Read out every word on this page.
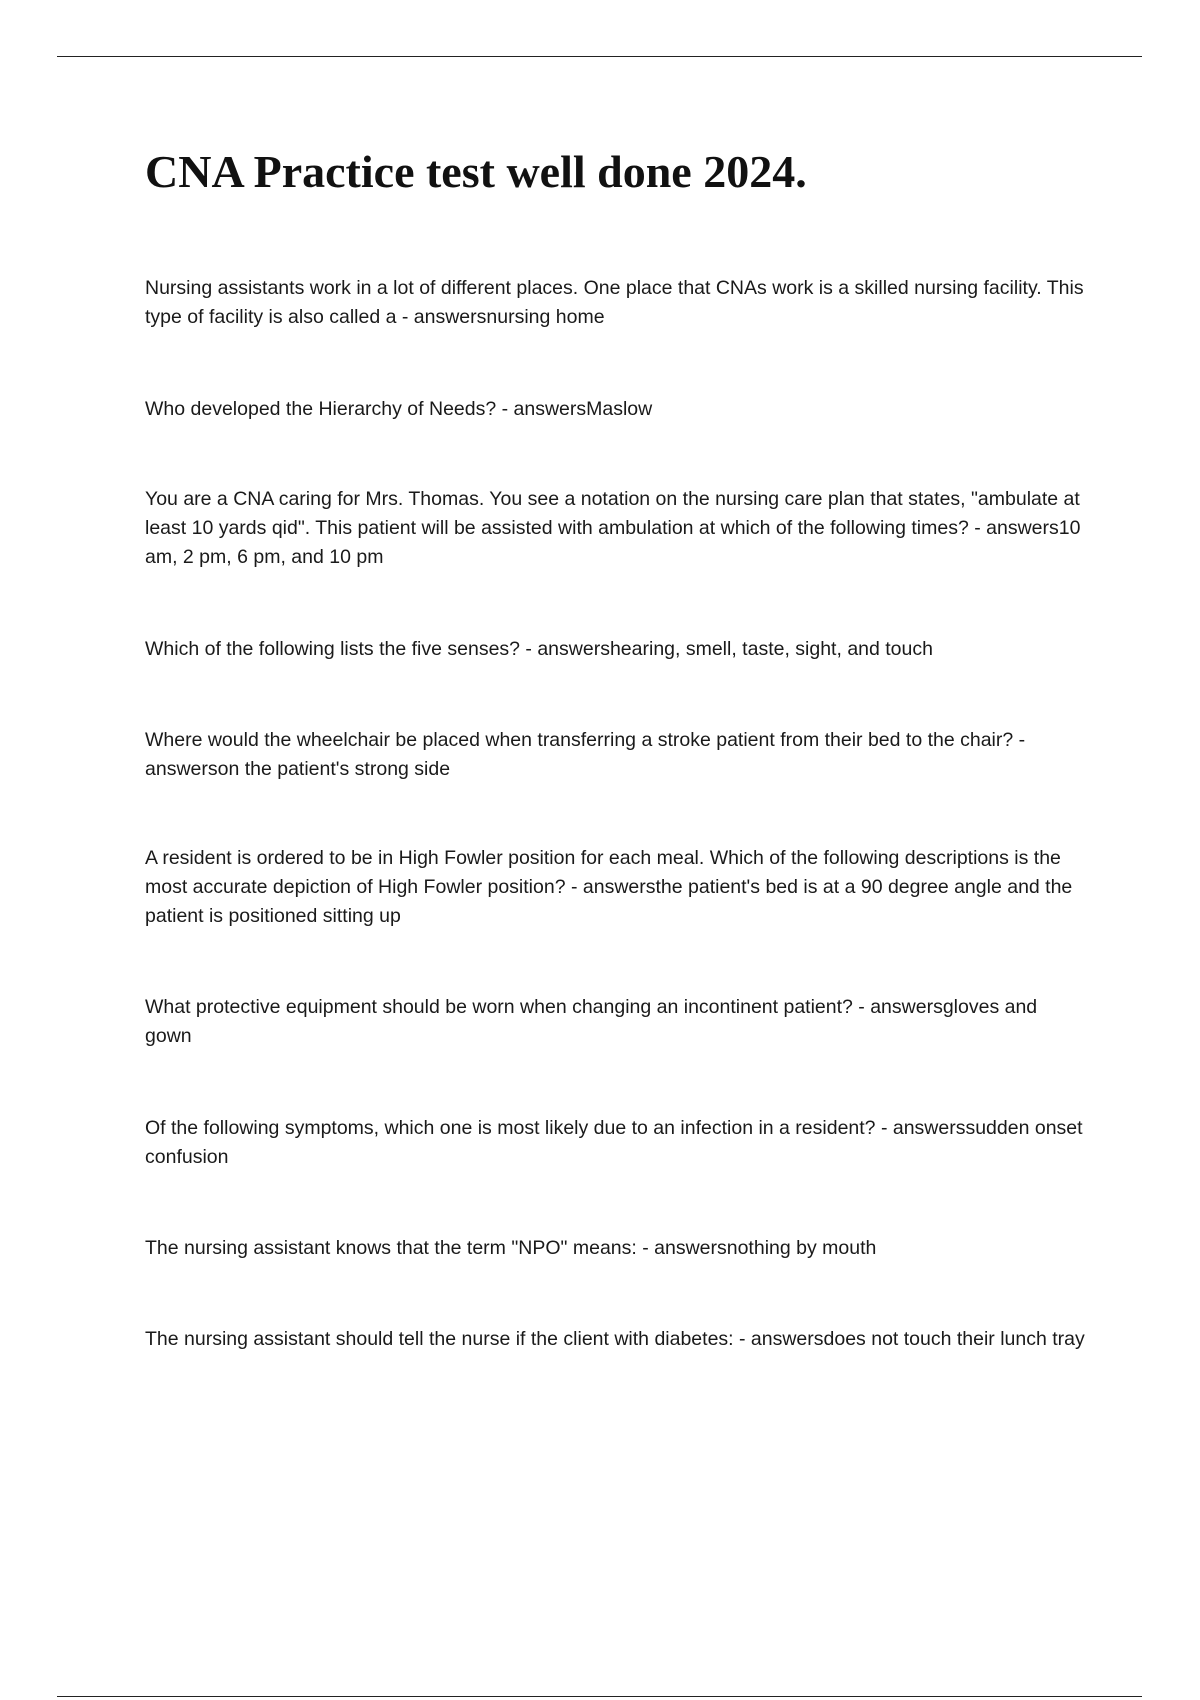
CNA Practice test well done 2024.

Nursing assistants work in a lot of different places. One place that CNAs work is a skilled nursing facility. This type of facility is also called a - answersnursing home

Who developed the Hierarchy of Needs? - answersMaslow

You are a CNA caring for Mrs. Thomas. You see a notation on the nursing care plan that states, "ambulate at least 10 yards qid". This patient will be assisted with ambulation at which of the following times? - answers10 am, 2 pm, 6 pm, and 10 pm

Which of the following lists the five senses? - answershearing, smell, taste, sight, and touch

Where would the wheelchair be placed when transferring a stroke patient from their bed to the chair? - answerson the patient's strong side

A resident is ordered to be in High Fowler position for each meal. Which of the following descriptions is the most accurate depiction of High Fowler position? - answersthe patient's bed is at a 90 degree angle and the patient is positioned sitting up

What protective equipment should be worn when changing an incontinent patient? - answersgloves and gown

Of the following symptoms, which one is most likely due to an infection in a resident? - answerssudden onset confusion

The nursing assistant knows that the term "NPO" means: - answersnothing by mouth

The nursing assistant should tell the nurse if the client with diabetes: - answersdoes not touch their lunch tray
